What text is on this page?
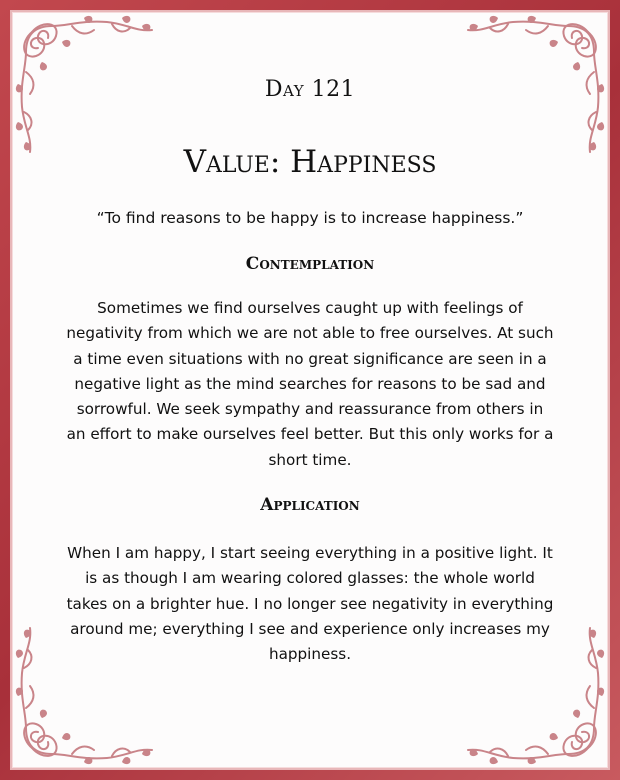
Day 121
Value: Happiness
“To find reasons to be happy is to increase happiness.”
Contemplation
Sometimes we find ourselves caught up with feelings of
negativity from which we are not able to free ourselves. At such
a time even situations with no great significance are seen in a
negative light as the mind searches for reasons to be sad and
sorrowful. We seek sympathy and reassurance from others in
an effort to make ourselves feel better. But this only works for a
short time.
Application
When I am happy, I start seeing everything in a positive light. It
is as though I am wearing colored glasses: the whole world
takes on a brighter hue. I no longer see negativity in everything
around me; everything I see and experience only increases my
happiness.
